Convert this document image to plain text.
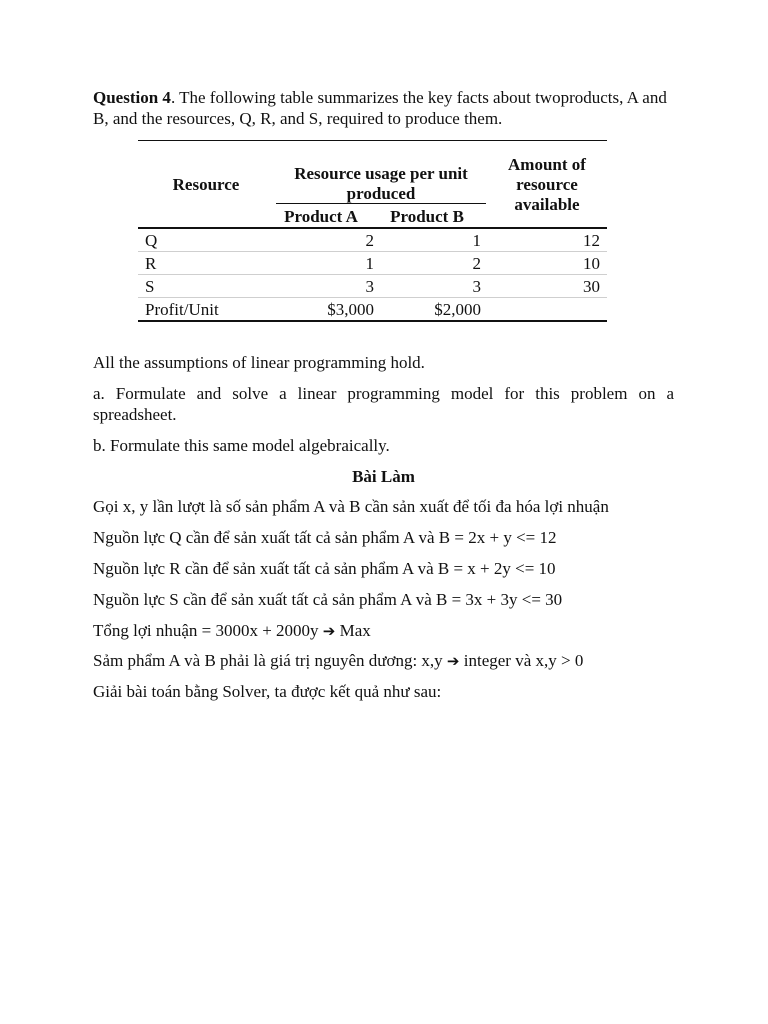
Question 4. The following table summarizes the key facts about twoproducts, A and B, and the resources, Q, R, and S, required to produce them.

Resource
Resource usage per unit produced
Amount of resource available
Product A	Product B
Q	2	1	12
R	1	2	10
S	3	3	30
Profit/Unit	$3,000	$2,000

All the assumptions of linear programming hold.

a. Formulate and solve a linear programming model for this problem on a spreadsheet.

b. Formulate this same model algebraically.

Bài Làm

Gọi x, y lần lượt là số sản phẩm A và B cần sản xuất để tối đa hóa lợi nhuận

Nguồn lực Q cần để sản xuất tất cả sản phẩm A và B = 2x + y <= 12

Nguồn lực R cần để sản xuất tất cả sản phẩm A và B = x + 2y <= 10

Nguồn lực S cần để sản xuất tất cả sản phẩm A và B = 3x + 3y <= 30

Tổng lợi nhuận = 3000x + 2000y ➔ Max

Sảm phẩm A và B phải là giá trị nguyên dương: x,y ➔ integer và x,y > 0

Giải bài toán bằng Solver, ta được kết quả như sau:
